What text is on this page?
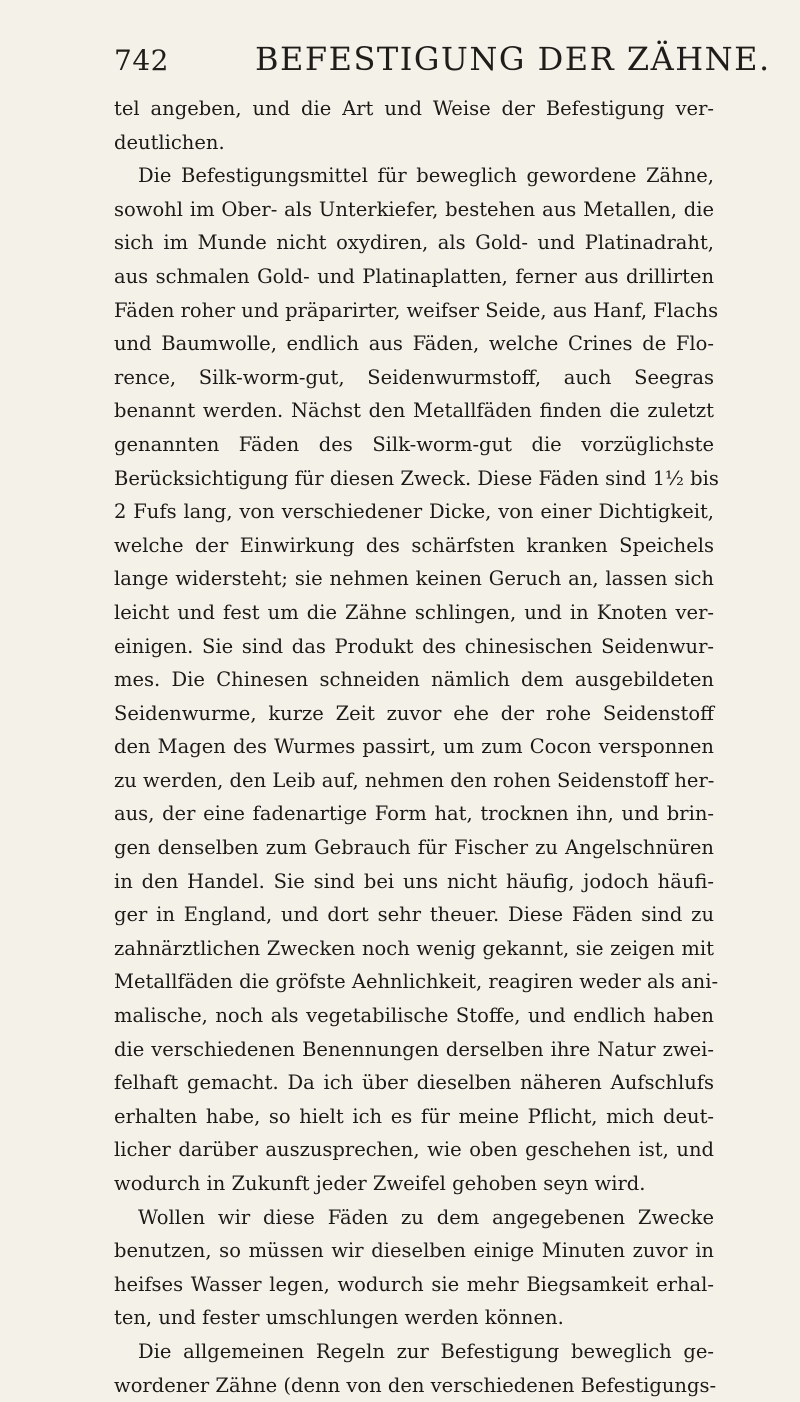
742	BEFESTIGUNG DER ZÄHNE.
tel angeben, und die Art und Weise der Befestigung ver-
deutlichen.
Die Befestigungsmittel für beweglich gewordene Zähne,
sowohl im Ober- als Unterkiefer, bestehen aus Metallen, die
sich im Munde nicht oxydiren, als Gold- und Platinadraht,
aus schmalen Gold- und Platinaplatten, ferner aus drillirten
Fäden roher und präparirter, weifser Seide, aus Hanf, Flachs
und Baumwolle, endlich aus Fäden, welche Crines de Flo-
rence, Silk-worm-gut, Seidenwurmstoff, auch Seegras
benannt werden. Nächst den Metallfäden finden die zuletzt
genannten Fäden des Silk-worm-gut die vorzüglichste
Berücksichtigung für diesen Zweck. Diese Fäden sind 1½ bis
2 Fufs lang, von verschiedener Dicke, von einer Dichtigkeit,
welche der Einwirkung des schärfsten kranken Speichels
lange widersteht; sie nehmen keinen Geruch an, lassen sich
leicht und fest um die Zähne schlingen, und in Knoten ver-
einigen. Sie sind das Produkt des chinesischen Seidenwur-
mes. Die Chinesen schneiden nämlich dem ausgebildeten
Seidenwurme, kurze Zeit zuvor ehe der rohe Seidenstoff
den Magen des Wurmes passirt, um zum Cocon versponnen
zu werden, den Leib auf, nehmen den rohen Seidenstoff her-
aus, der eine fadenartige Form hat, trocknen ihn, und brin-
gen denselben zum Gebrauch für Fischer zu Angelschnüren
in den Handel. Sie sind bei uns nicht häufig, jodoch häufi-
ger in England, und dort sehr theuer. Diese Fäden sind zu
zahnärztlichen Zwecken noch wenig gekannt, sie zeigen mit
Metallfäden die gröfste Aehnlichkeit, reagiren weder als ani-
malische, noch als vegetabilische Stoffe, und endlich haben
die verschiedenen Benennungen derselben ihre Natur zwei-
felhaft gemacht. Da ich über dieselben näheren Aufschlufs
erhalten habe, so hielt ich es für meine Pflicht, mich deut-
licher darüber auszusprechen, wie oben geschehen ist, und
wodurch in Zukunft jeder Zweifel gehoben seyn wird.
Wollen wir diese Fäden zu dem angegebenen Zwecke
benutzen, so müssen wir dieselben einige Minuten zuvor in
heifses Wasser legen, wodurch sie mehr Biegsamkeit erhal-
ten, und fester umschlungen werden können.
Die allgemeinen Regeln zur Befestigung beweglich ge-
wordener Zähne (denn von den verschiedenen Befestigungs-
